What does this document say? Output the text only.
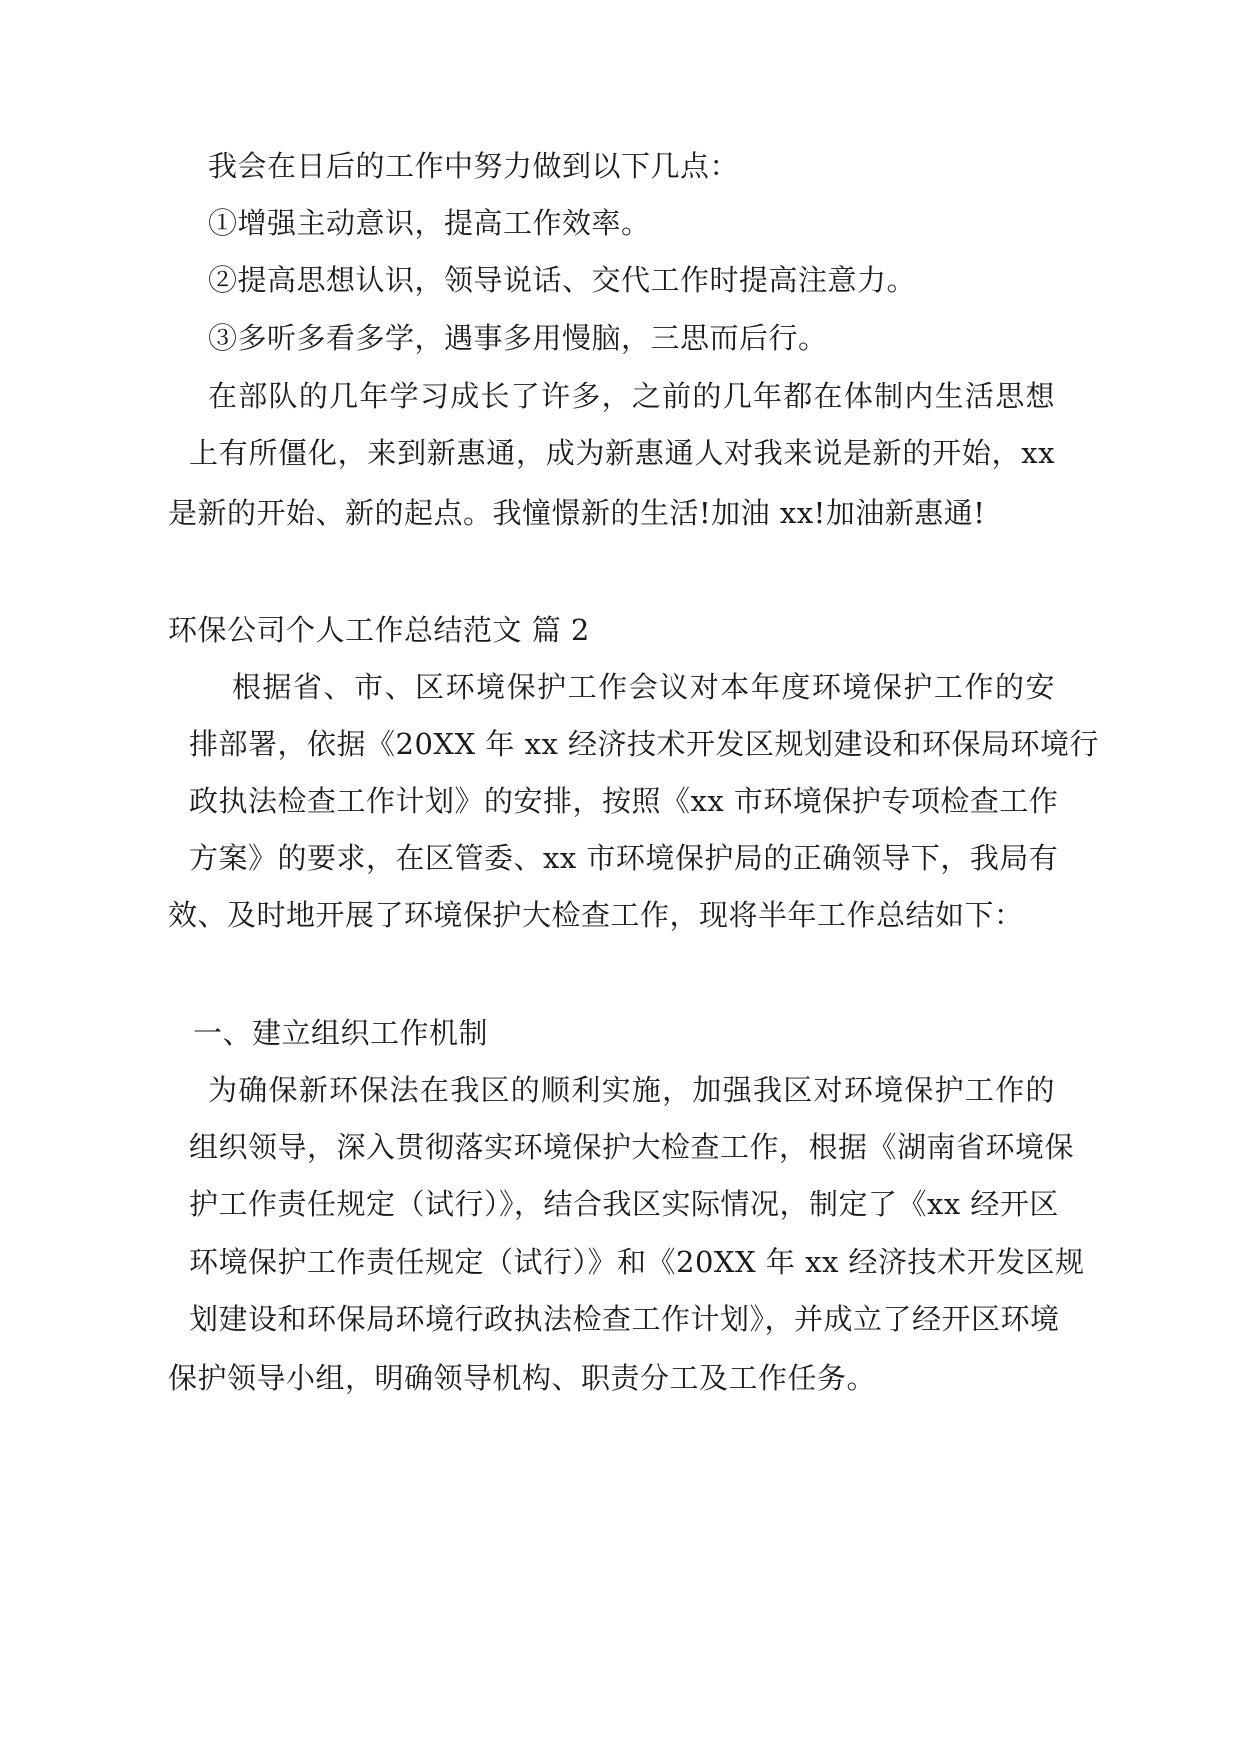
我会在日后的工作中努力做到以下几点：
①增强主动意识，提高工作效率。
②提高思想认识，领导说话、交代工作时提高注意力。
③多听多看多学，遇事多用慢脑，三思而后行。
在部队的几年学习成长了许多，之前的几年都在体制内生活思想
上有所僵化，来到新惠通，成为新惠通人对我来说是新的开始，xx
是新的开始、新的起点。我憧憬新的生活!加油 xx!加油新惠通!
环保公司个人工作总结范文 篇 2
根据省、市、区环境保护工作会议对本年度环境保护工作的安
排部署，依据《20XX 年 xx 经济技术开发区规划建设和环保局环境行
政执法检查工作计划》的安排，按照《xx 市环境保护专项检查工作
方案》的要求，在区管委、xx 市环境保护局的正确领导下，我局有
效、及时地开展了环境保护大检查工作，现将半年工作总结如下：
一、建立组织工作机制
为确保新环保法在我区的顺利实施，加强我区对环境保护工作的
组织领导，深入贯彻落实环境保护大检查工作，根据《湖南省环境保
护工作责任规定（试行）》，结合我区实际情况，制定了《xx 经开区
环境保护工作责任规定（试行）》和《20XX 年 xx 经济技术开发区规
划建设和环保局环境行政执法检查工作计划》，并成立了经开区环境
保护领导小组，明确领导机构、职责分工及工作任务。
